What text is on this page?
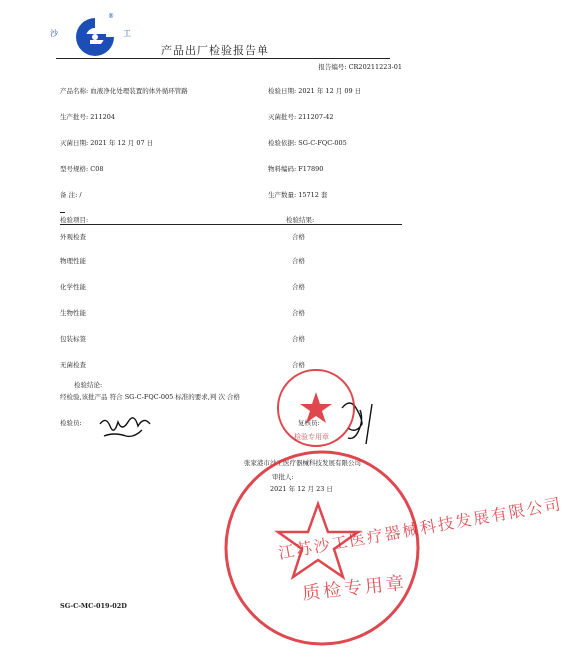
沙	工
®
产品出厂检验报告单
报告编号: CR20211223-01
产品名称: 血液净化处理装置的体外循环管路	检验日期: 2021 年 12 月 09 日
生产批号: 211204	灭菌批号: 211207-42
灭菌日期: 2021 年 12 月 07 日	检验依据: SG-C-FQC-005
型号规格: C08	物料编码: F17890
备 注: /	生产数量: 15712 套
检验项目:	检验结果:
外观检查	合格
物理性能	合格
化学性能	合格
生物性能	合格
包装标签	合格
无菌检查	合格
检验结论:
经检验,该批产品 符合 SG-C-FQC-005 标准的要求,判 次 合格
检验员:	复核员:
张家港市沙工医疗器械科技发展有限公司
审批人:
2021 年 12 月 23 日
江苏沙工医疗器械科技发展有限公司
质检专用章
检验专用章
SG-C-MC-019-02D
